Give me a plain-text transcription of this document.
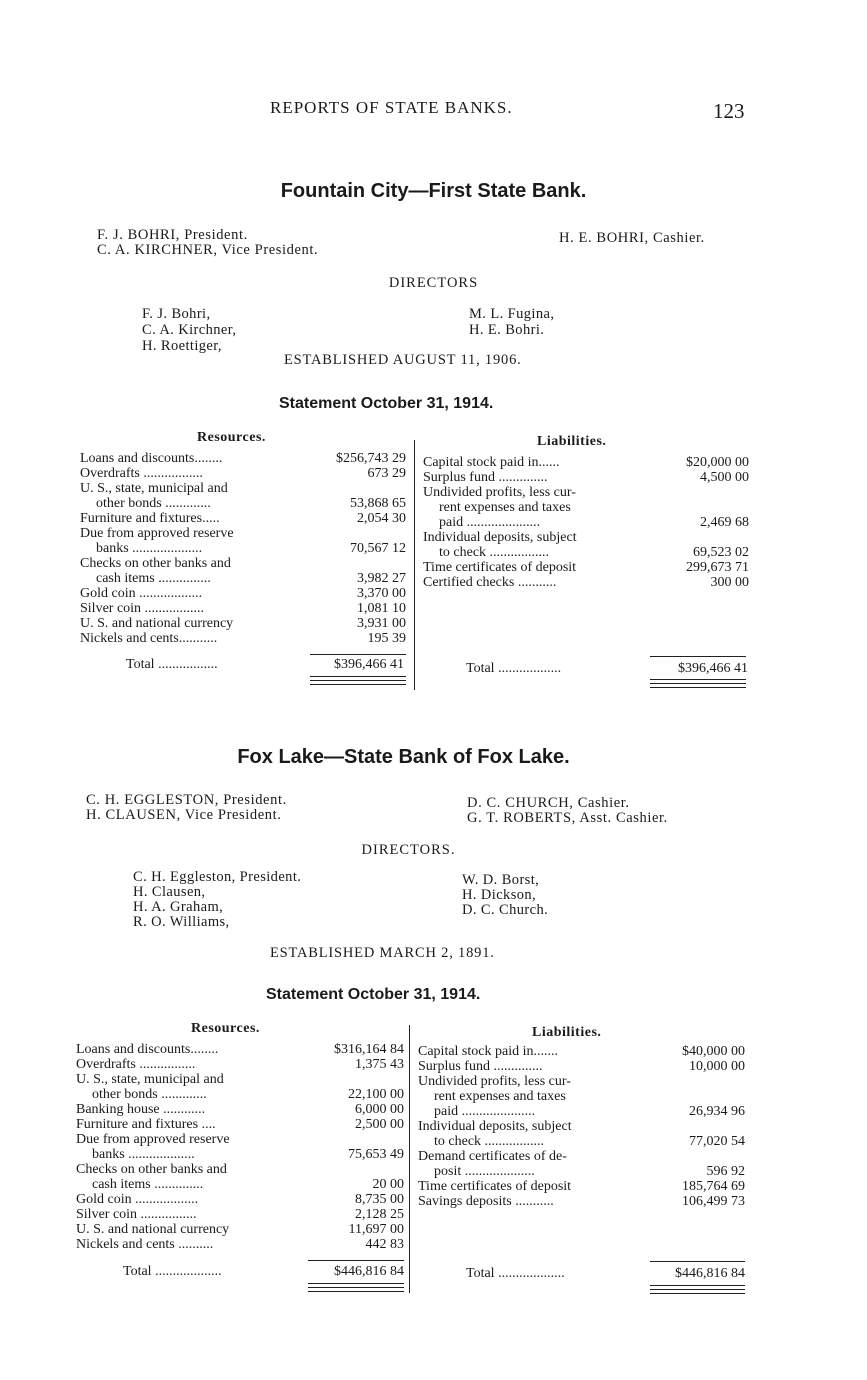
REPORTS OF STATE BANKS.	123
Fountain City—First State Bank.
F. J. BOHRI, President.
C. A. KIRCHNER, Vice President.
H. E. BOHRI, Cashier.
DIRECTORS
F. J. Bohri,
C. A. Kirchner,
H. Roettiger,
M. L. Fugina,
H. E. Bohri.
ESTABLISHED AUGUST 11, 1906.
Statement October 31, 1914.
Resources.	Liabilities.
Loans and discounts........	$256,743 29
Overdrafts .................	673 29
U. S., state, municipal and
other bonds .............	53,868 65
Furniture and fixtures.....	2,054 30
Due from approved reserve
banks ....................	70,567 12
Checks on other banks and
cash items ...............	3,982 27
Gold coin ..................	3,370 00
Silver coin .................	1,081 10
U. S. and national currency	3,931 00
Nickels and cents...........	195 39
Capital stock paid in......	$20,000 00
Surplus fund ..............	4,500 00
Undivided profits, less cur-
rent expenses and taxes
paid .....................	2,469 68
Individual deposits, subject
to check .................	69,523 02
Time certificates of deposit	299,673 71
Certified checks ...........	300 00
Total .................	$396,466 41	Total ..................	$396,466 41
Fox Lake—State Bank of Fox Lake.
C. H. EGGLESTON, President.
H. CLAUSEN, Vice President.
D. C. CHURCH, Cashier.
G. T. ROBERTS, Asst. Cashier.
DIRECTORS.
C. H. Eggleston, President.
H. Clausen,
H. A. Graham,
R. O. Williams,
W. D. Borst,
H. Dickson,
D. C. Church.
ESTABLISHED MARCH 2, 1891.
Statement October 31, 1914.
Resources.	Liabilities.
Loans and discounts........	$316,164 84
Overdrafts ................	1,375 43
U. S., state, municipal and
other bonds .............	22,100 00
Banking house ............	6,000 00
Furniture and fixtures ....	2,500 00
Due from approved reserve
banks ...................	75,653 49
Checks on other banks and
cash items ..............	20 00
Gold coin ..................	8,735 00
Silver coin ................	2,128 25
U. S. and national currency	11,697 00
Nickels and cents ..........	442 83
Capital stock paid in.......	$40,000 00
Surplus fund ..............	10,000 00
Undivided profits, less cur-
rent expenses and taxes
paid .....................	26,934 96
Individual deposits, subject
to check .................	77,020 54
Demand certificates of de-
posit ....................	596 92
Time certificates of deposit	185,764 69
Savings deposits ...........	106,499 73
Total ...................	$446,816 84	Total ...................	$446,816 84
